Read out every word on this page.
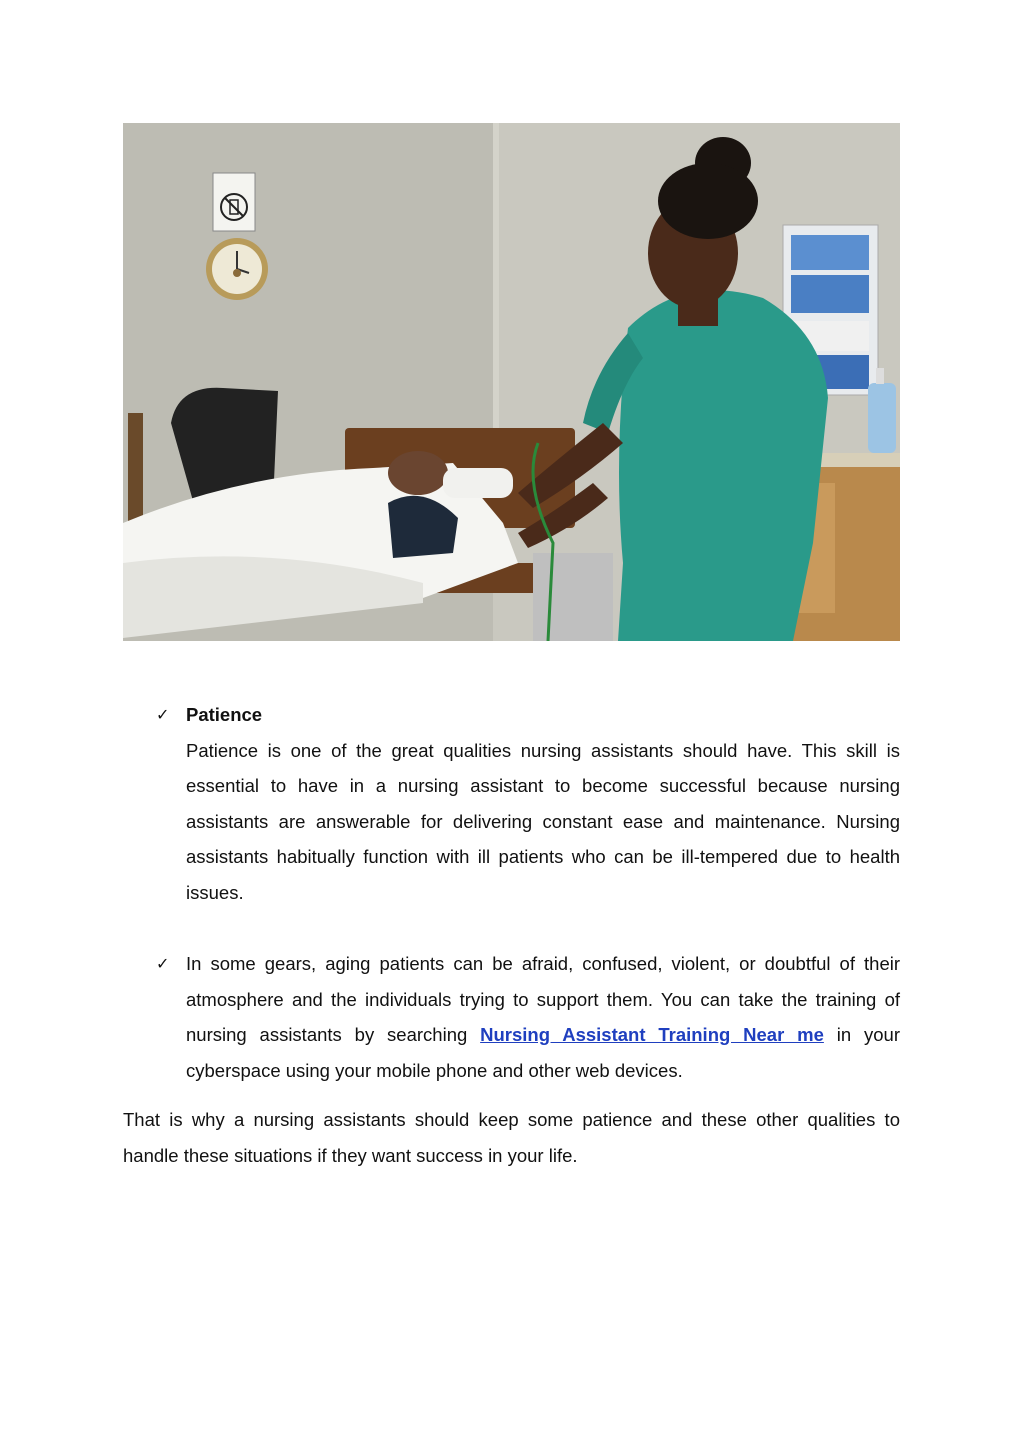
✓ Patience
Patience is one of the great qualities nursing assistants should have. This skill is essential to have in a nursing assistant to become successful because nursing assistants are answerable for delivering constant ease and maintenance. Nursing assistants habitually function with ill patients who can be ill-tempered due to health issues.
✓ In some gears, aging patients can be afraid, confused, violent, or doubtful of their atmosphere and the individuals trying to support them. You can take the training of nursing assistants by searching Nursing Assistant Training Near me in your cyberspace using your mobile phone and other web devices.
That is why a nursing assistants should keep some patience and these other qualities to handle these situations if they want success in your life.
